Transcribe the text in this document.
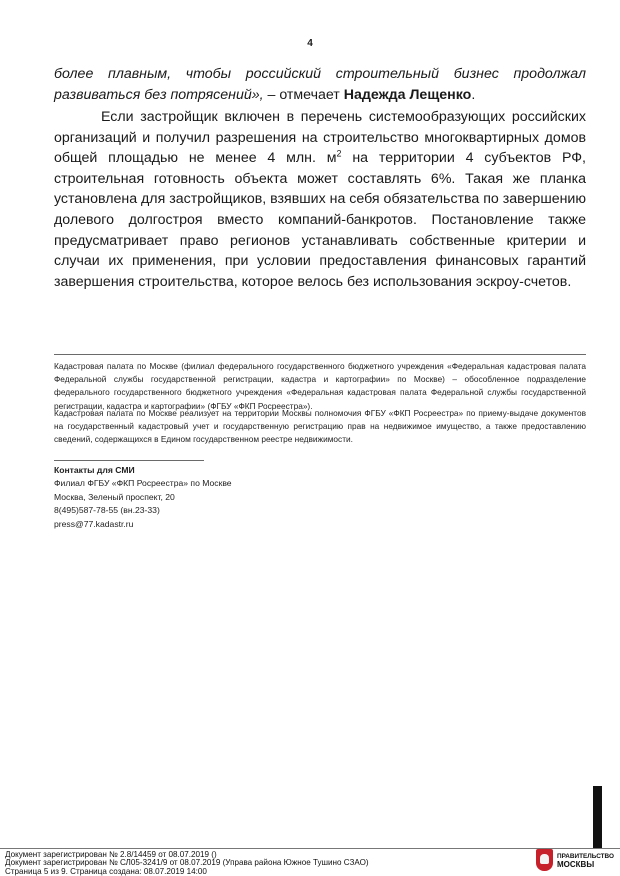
4
более плавным, чтобы российский строительный бизнес продолжал развиваться без потрясений», – отмечает Надежда Лещенко.
Если застройщик включен в перечень системообразующих российских организаций и получил разрешения на строительство многоквартирных домов общей площадью не менее 4 млн. $м^2$ на территории 4 субъектов РФ, строительная готовность объекта может составлять 6%. Такая же планка установлена для застройщиков, взявших на себя обязательства по завершению долевого долгостроя вместо компаний-банкротов. Постановление также предусматривает право регионов устанавливать собственные критерии и случаи их применения, при условии предоставления финансовых гарантий завершения строительства, которое велось без использования эскроу-счетов.
Кадастровая палата по Москве (филиал федерального государственного бюджетного учреждения «Федеральная кадастровая палата Федеральной службы государственной регистрации, кадастра и картографии» по Москве) – обособленное подразделение федерального государственного бюджетного учреждения «Федеральная кадастровая палата Федеральной службы государственной регистрации, кадастра и картографии» (ФГБУ «ФКП Росреестра»).
Кадастровая палата по Москве реализует на территории Москвы полномочия ФГБУ «ФКП Росреестра» по приему-выдаче документов на государственный кадастровый учет и государственную регистрацию прав на недвижимое имущество, а также предоставлению сведений, содержащихся в Едином государственном реестре недвижимости.
Контакты для СМИ
Филиал ФГБУ «ФКП Росреестра» по Москве
Москва, Зеленый проспект, 20
8(495)587-78-55 (вн.23-33)
press@77.kadastr.ru
Документ зарегистрирован № 2.8/14459 от 08.07.2019 ()
Документ зарегистрирован № СЛ05-3241/9 от 08.07.2019 (Управа района Южное Тушино СЗАО)
Страница 5 из 9. Страница создана: 08.07.2019 14:00
ПРАВИТЕЛЬСТВО
МОСКВЫ
